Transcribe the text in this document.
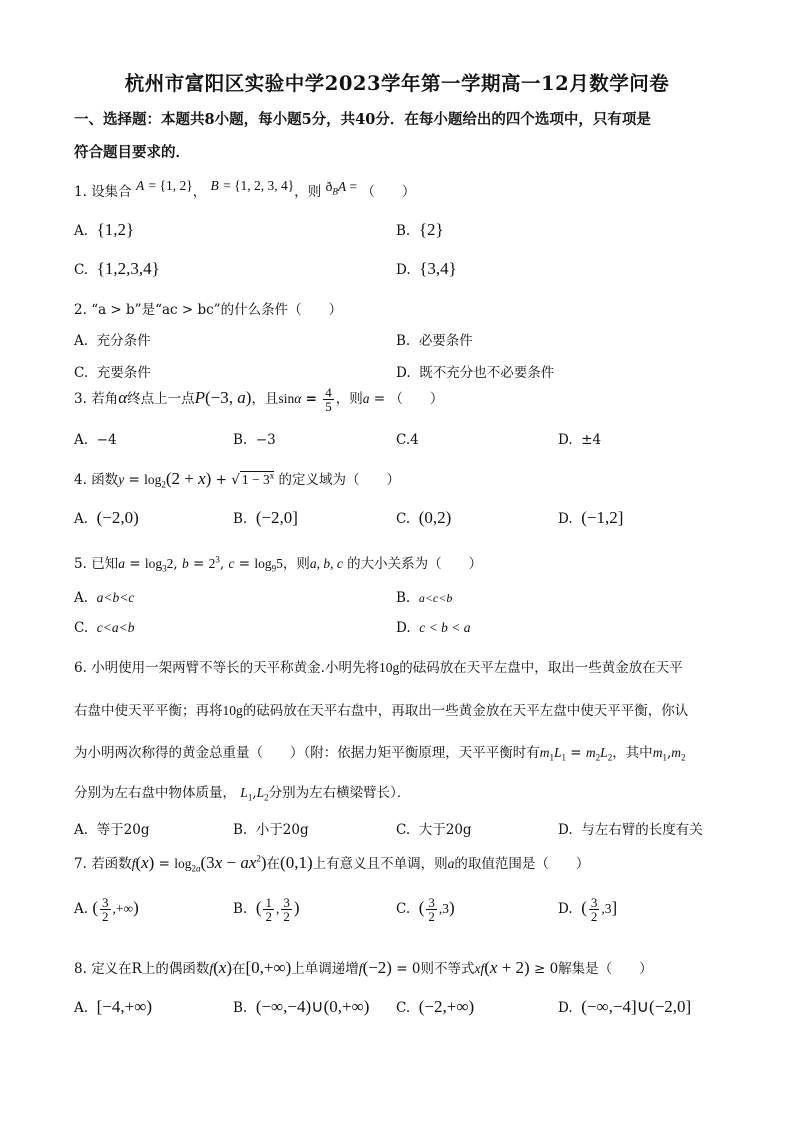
杭州市富阳区实验中学2023学年第一学期高一12月数学问卷
一、选择题：本题共8小题，每小题5分，共40分．在每小题给出的四个选项中，只有项是
符合题目要求的．
1. 设集合 A = {1, 2}， B = {1, 2, 3, 4}，则 $ð_BA$ = （　　）
A. {1,2}	B. {2}
C. {1,2,3,4}	D. {3,4}
2. “a > b”是“ac > bc”的什么条件（　　）
A. 充分条件	B. 必要条件
C. 充要条件	D. 既不充分也不必要条件
3. 若角α终点上一点P(−3, a)，且$\sin\alpha = \frac{4}{5}$ ，则a = （　　）
A. −4	B. −3	C.4	D. ±4
4. 函数$y = \log_2(2 + x)$ + √ $1 - 3^x$ 的定义域为（　　）
A. (−2,0)	B. (−2,0]	C. (0,2)	D. (−1,2]
5. 已知$a = \log_32$, $b = 2^3$, $c = \log_95$，则a, b, c 的大小关系为（　　）
A. a<b<c	B. a<c<b
C. c<a<b	D. c < b < a
6. 小明使用一架两臂不等长的天平称黄金.小明先将10g的砝码放在天平左盘中，取出一些黄金放在天平
右盘中使天平平衡；再将10g的砝码放在天平右盘中，再取出一些黄金放在天平左盘中使天平平衡，你认
为小明两次称得的黄金总重量（　　）（附：依据力矩平衡原理，天平平衡时有$m_1L_1 = m_2L_2$，其中$m_1,m_2$
分别为左右盘中物体质量， $L_1,L_2$分别为左右横梁臂长）．
A. 等于20g	B. 小于20g	C. 大于20g	D. 与左右臂的长度有关
7. 若函数$f(x) = \log_{2a}(3x - ax^2)$在(0,1)上有意义且不单调，则a的取值范围是（　　）
A. ( $\frac{3}{2}$ ,+∞)	B. ( $\frac{1}{2}$ , $\frac{3}{2}$ )	C. ( $\frac{3}{2} ,3$)	D. ( $\frac{3}{2} ,3$]
8. 定义在R上的偶函数f(x)在[0,+∞)上单调递增f(−2) = 0则不等式xf(x + 2) ≥ 0解集是（　　）
A. [−4,+∞)	B. (−∞,−4)∪(0,+∞) C. (−2,+∞)	D. (−∞,−4]∪(−2,0]
